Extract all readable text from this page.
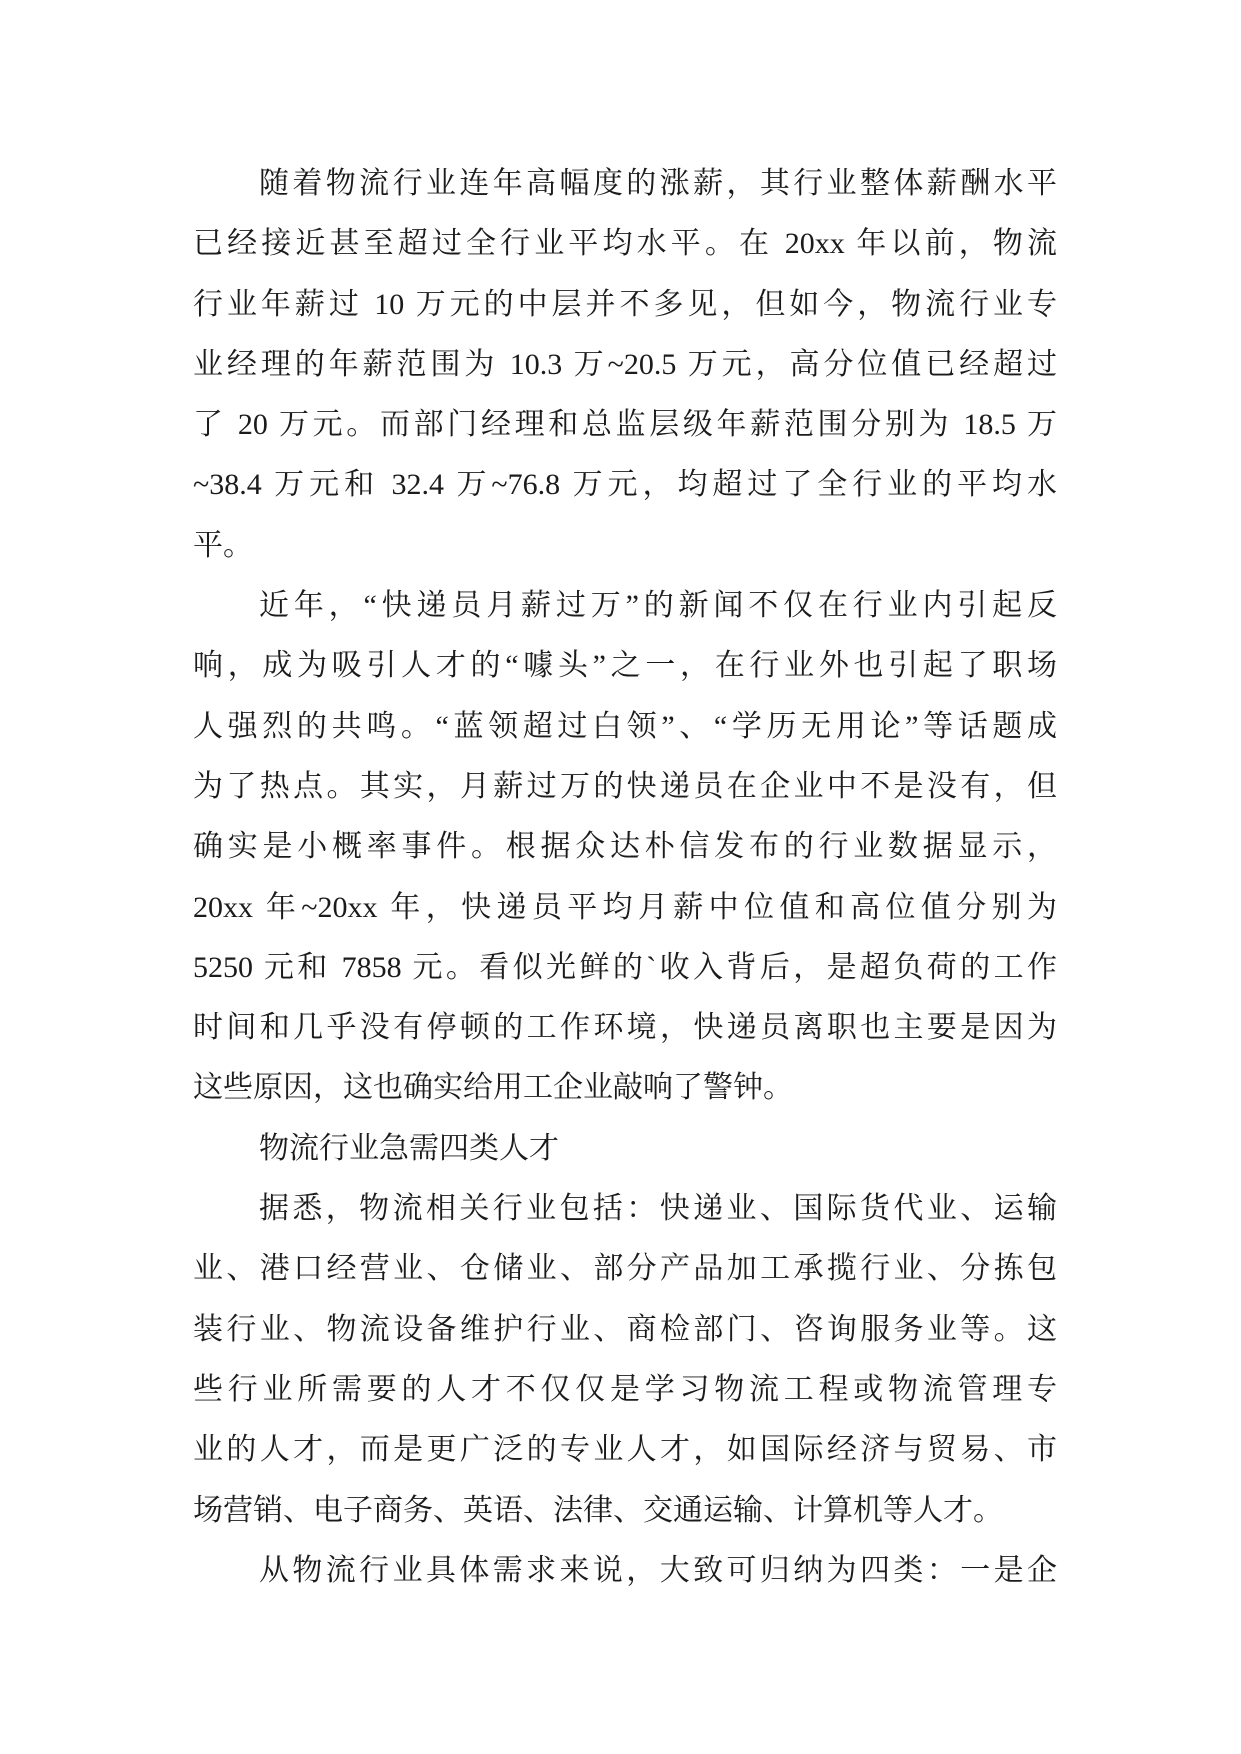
随着物流行业连年高幅度的涨薪，其行业整体薪酬水平
已经接近甚至超过全行业平均水平。在 20xx 年以前，物流
行业年薪过 10 万元的中层并不多见，但如今，物流行业专
业经理的年薪范围为 10.3 万~20.5 万元，高分位值已经超过
了 20 万元。而部门经理和总监层级年薪范围分别为 18.5 万
~38.4 万元和 32.4 万~76.8 万元，均超过了全行业的平均水
平。
近年，“快递员月薪过万”的新闻不仅在行业内引起反
响，成为吸引人才的“噱头”之一，在行业外也引起了职场
人强烈的共鸣。“蓝领超过白领”、“学历无用论”等话题成
为了热点。其实，月薪过万的快递员在企业中不是没有，但
确实是小概率事件。根据众达朴信发布的行业数据显示，
20xx 年~20xx 年，快递员平均月薪中位值和高位值分别为
5250 元和 7858 元。看似光鲜的`收入背后，是超负荷的工作
时间和几乎没有停顿的工作环境，快递员离职也主要是因为
这些原因，这也确实给用工企业敲响了警钟。
物流行业急需四类人才
据悉，物流相关行业包括：快递业、国际货代业、运输
业、港口经营业、仓储业、部分产品加工承揽行业、分拣包
装行业、物流设备维护行业、商检部门、咨询服务业等。这
些行业所需要的人才不仅仅是学习物流工程或物流管理专
业的人才，而是更广泛的专业人才，如国际经济与贸易、市
场营销、电子商务、英语、法律、交通运输、计算机等人才。
从物流行业具体需求来说，大致可归纳为四类：一是企
